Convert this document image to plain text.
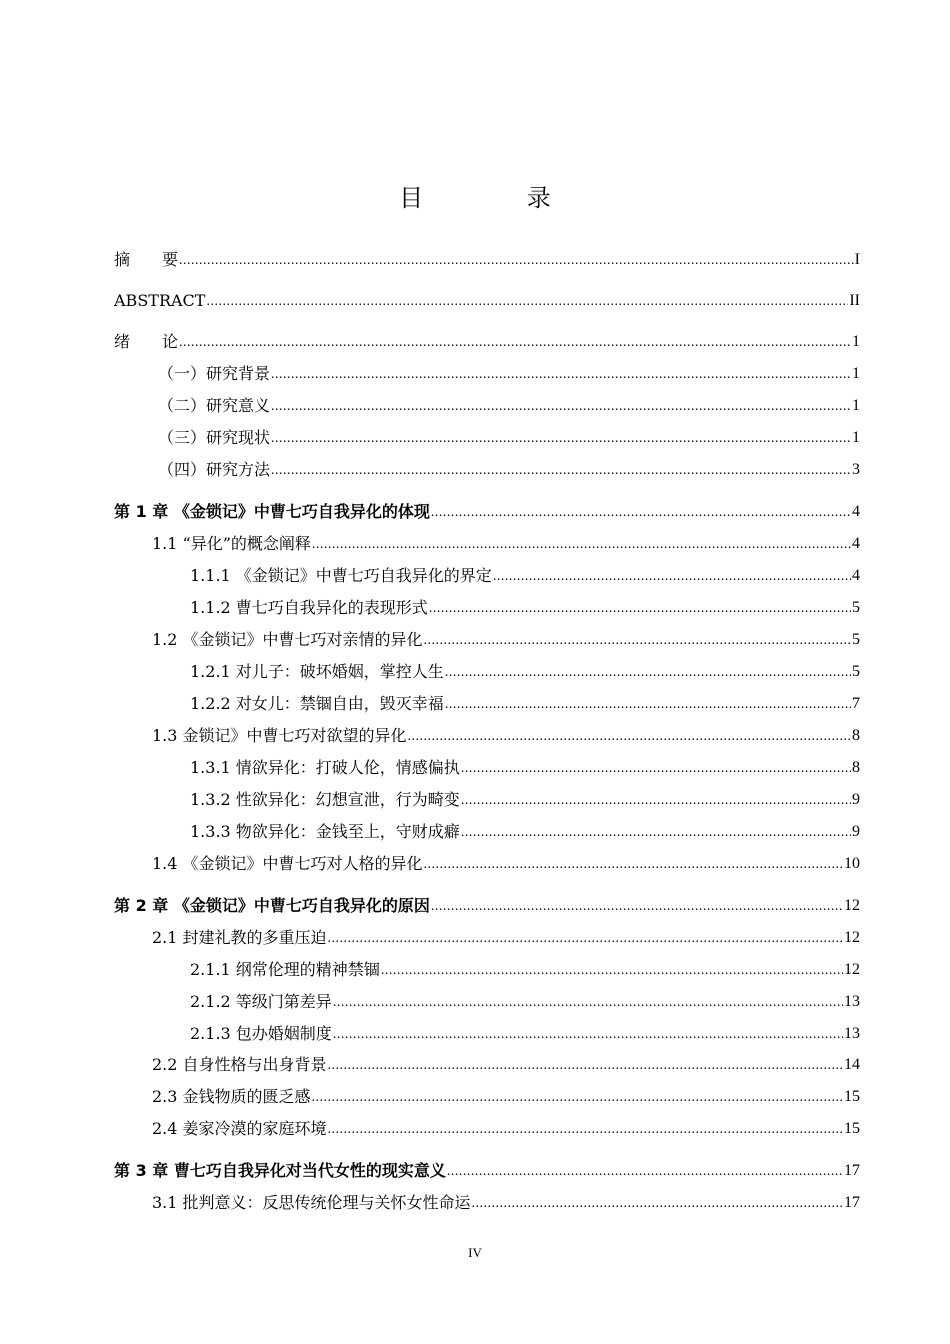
目 录
摘　　要 .....	I
ABSTRACT .....	II
绪　　论 .....	1
（一）研究背景 .....	1
（二）研究意义 .....	1
（三）研究现状 .....	1
（四）研究方法 .....	3
第 1 章 《金锁记》中曹七巧自我异化的体现 .....	4
1.1 “异化”的概念阐释 .....	4
1.1.1 《金锁记》中曹七巧自我异化的界定 .....	4
1.1.2 曹七巧自我异化的表现形式 .....	5
1.2 《金锁记》中曹七巧对亲情的异化 .....	5
1.2.1 对儿子：破坏婚姻，掌控人生 .....	5
1.2.2 对女儿：禁锢自由，毁灭幸福 .....	7
1.3 金锁记》中曹七巧对欲望的异化 .....	8
1.3.1 情欲异化：打破人伦，情感偏执 .....	8
1.3.2 性欲异化：幻想宣泄，行为畸变 .....	9
1.3.3 物欲异化：金钱至上，守财成癖 .....	9
1.4 《金锁记》中曹七巧对人格的异化 .....	10
第 2 章 《金锁记》中曹七巧自我异化的原因 .....	12
2.1 封建礼教的多重压迫 .....	12
2.1.1 纲常伦理的精神禁锢 .....	12
2.1.2 等级门第差异 .....	13
2.1.3 包办婚姻制度 .....	13
2.2 自身性格与出身背景 .....	14
2.3 金钱物质的匮乏感 .....	15
2.4 姜家冷漠的家庭环境 .....	15
第 3 章 曹七巧自我异化对当代女性的现实意义 .....	17
3.1 批判意义：反思传统伦理与关怀女性命运 .....	17
IV
